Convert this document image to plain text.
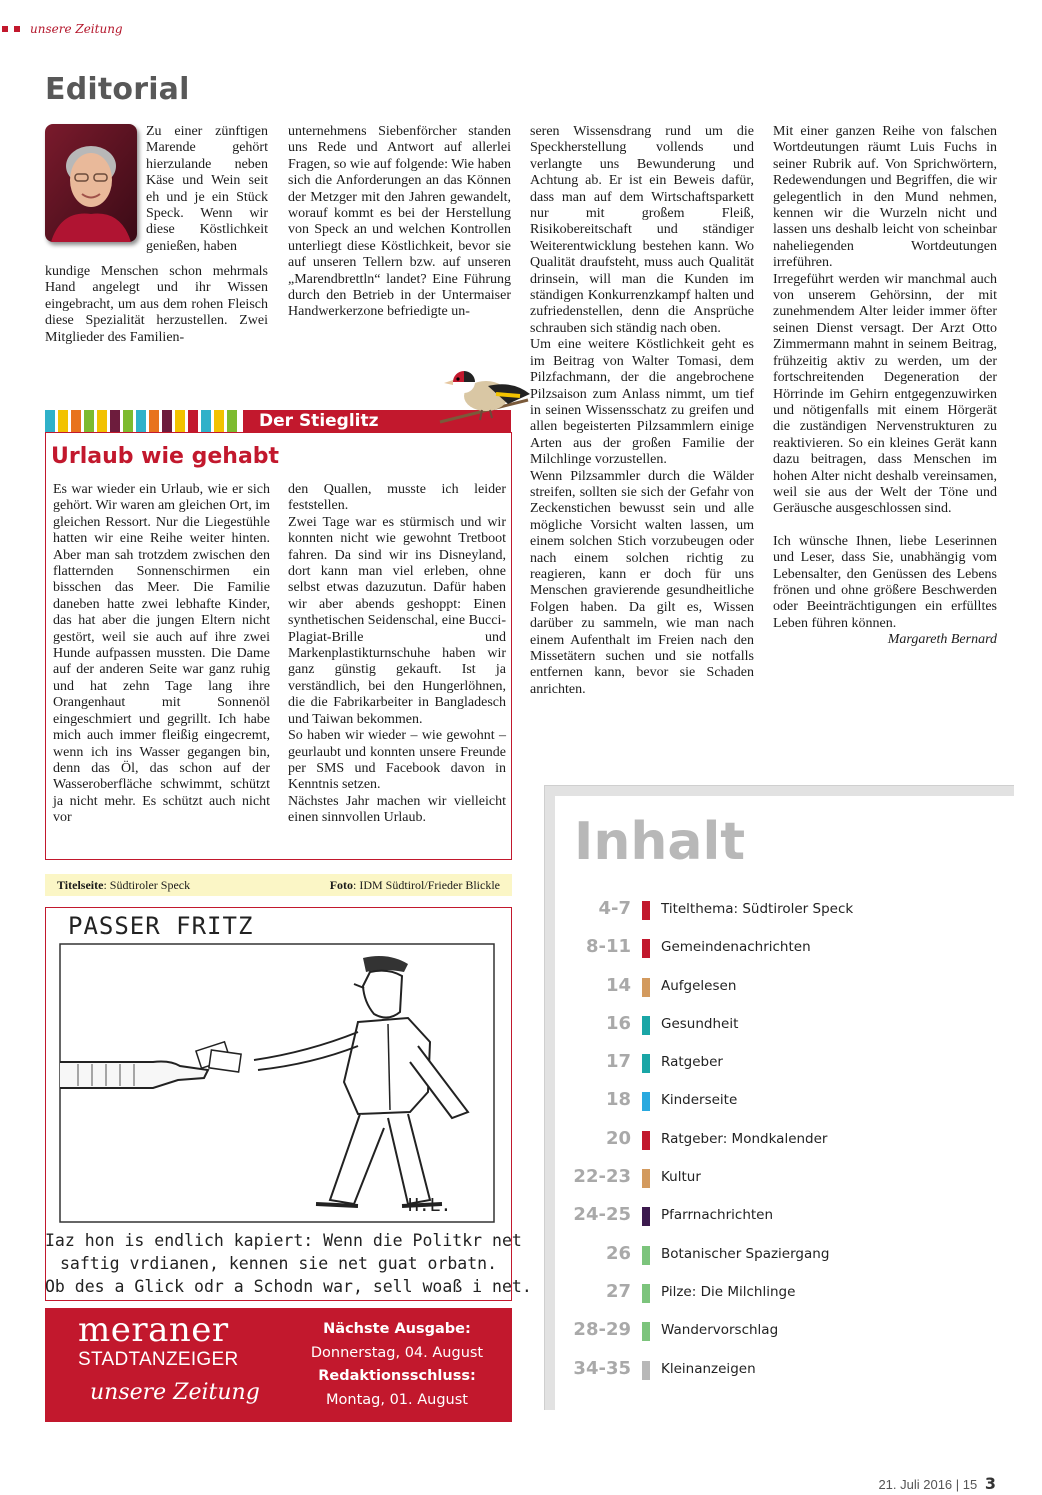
unsere Zeitung
Editorial

Zu einer zünftigen Marende gehört hierzulande neben Käse und Wein seit eh und je ein Stück Speck. Wenn wir diese Köstlichkeit genießen, haben

kundige Menschen schon mehrmals Hand angelegt und ihr Wissen eingebracht, um aus dem rohen Fleisch diese Spezialität herzustellen. Zwei Mitglieder des Familien-

unternehmens Siebenförcher standen uns Rede und Antwort auf allerlei Fragen, so wie auf folgende: Wie haben sich die Anforderungen an das Können der Metzger mit den Jahren gewandelt, worauf kommt es bei der Herstellung von Speck an und welchen Kontrollen unterliegt diese Köstlichkeit, bevor sie auf unseren Tellern bzw. auf unseren „Marendbrettln“ landet? Eine Führung durch den Betrieb in der Untermaiser Handwerkerzone befriedigte un-

seren Wissensdrang rund um die Speckherstellung vollends und verlangte uns Bewunderung und Achtung ab. Er ist ein Beweis dafür, dass man auf dem Wirtschaftsparkett nur mit großem Fleiß, Risikobereitschaft und ständiger Weiterentwicklung bestehen kann. Wo Qualität draufsteht, muss auch Qualität drinsein, will man die Kunden im ständigen Konkurrenzkampf halten und zufriedenstellen, denn die Ansprüche schrauben sich ständig nach oben.

Um eine weitere Köstlichkeit geht es im Beitrag von Walter Tomasi, dem Pilzfachmann, der die angebrochene Pilzsaison zum Anlass nimmt, um tief in seinen Wissensschatz zu greifen und allen begeisterten Pilzsammlern einige Arten aus der großen Familie der Milchlinge vorzustellen.

Wenn Pilzsammler durch die Wälder streifen, sollten sie sich der Gefahr von Zeckenstichen bewusst sein und alle mögliche Vorsicht walten lassen, um einem solchen Stich vorzubeugen oder nach einem solchen richtig zu reagieren, kann er doch für uns Menschen gravierende gesundheitliche Folgen haben. Da gilt es, Wissen darüber zu sammeln, wie man nach einem Aufenthalt im Freien nach den Missetätern suchen und sie notfalls entfernen kann, bevor sie Schaden anrichten.

Mit einer ganzen Reihe von falschen Wortdeutungen räumt Luis Fuchs in seiner Rubrik auf. Von Sprichwörtern, Redewendungen und Begriffen, die wir gelegentlich in den Mund nehmen, kennen wir die Wurzeln nicht und lassen uns deshalb leicht von scheinbar naheliegenden Wortdeutungen irreführen.

Irregeführt werden wir manchmal auch von unserem Gehörsinn, der mit zunehmendem Alter leider immer öfter seinen Dienst versagt. Der Arzt Otto Zimmermann mahnt in seinem Beitrag, frühzeitig aktiv zu werden, um der fortschreitenden Degeneration der Hörrinde im Gehirn entgegenzuwirken und nötigenfalls mit einem Hörgerät die zuständigen Nervenstrukturen zu reaktivieren. So ein kleines Gerät kann dazu beitragen, dass Menschen im hohen Alter nicht deshalb vereinsamen, weil sie aus der Welt der Töne und Geräusche ausgeschlossen sind.

Ich wünsche Ihnen, liebe Leserinnen und Leser, dass Sie, unabhängig vom Lebensalter, den Genüssen des Lebens frönen und ohne größere Beschwerden oder Beeinträchtigungen ein erfülltes Leben führen können.

Margareth Bernard

Der Stieglitz
Urlaub wie gehabt

Es war wieder ein Urlaub, wie er sich gehört. Wir waren am gleichen Ort, im gleichen Ressort. Nur die Liegestühle hatten wir eine Reihe weiter hinten. Aber man sah trotzdem zwischen den flatternden Sonnenschirmen ein bisschen das Meer. Die Familie daneben hatte zwei lebhafte Kinder, das hat aber die jungen Eltern nicht gestört, weil sie auch auf ihre zwei Hunde aufpassen mussten. Die Dame auf der anderen Seite war ganz ruhig und hat zehn Tage lang ihre Orangenhaut mit Sonnenöl eingeschmiert und gegrillt. Ich habe mich auch immer fleißig eingecremt, wenn ich ins Wasser gegangen bin, denn das Öl, das schon auf der Wasseroberfläche schwimmt, schützt ja nicht mehr. Es schützt auch nicht vor

den Quallen, musste ich leider feststellen.

Zwei Tage war es stürmisch und wir konnten nicht wie gewohnt Tretboot fahren. Da sind wir ins Disneyland, dort kann man viel erleben, ohne selbst etwas dazuzutun. Dafür haben wir aber abends geshoppt: Einen synthetischen Seidenschal, eine Bucci-Plagiat-Brille und Markenplastikturnschuhe haben wir ganz günstig gekauft. Ist ja verständlich, bei den Hungerlöhnen, die die Fabrikarbeiter in Bangladesch und Taiwan bekommen.

So haben wir wieder – wie gewohnt – geurlaubt und konnten unsere Freunde per SMS und Facebook davon in Kenntnis setzen.

Nächstes Jahr machen wir vielleicht einen sinnvollen Urlaub.

Titelseite: Südtiroler Speck	Foto: IDM Südtirol/Frieder Blickle
PASSER FRITZ
H.L.
Iaz hon is endlich kapiert: Wenn die Politkr net
saftig vrdianen, kennen sie net guat orbatn.
Ob des a Glick odr a Schodn war, sell woaß i net.
meraner
STADTANZEIGER
unsere Zeitung
Nächste Ausgabe:
Donnerstag, 04. August
Redaktionsschluss:
Montag, 01. August
Inhalt
4-7 Titelthema: Südtiroler Speck
8-11 Gemeindenachrichten
14 Aufgelesen
16 Gesundheit
17 Ratgeber
18 Kinderseite
20 Ratgeber: Mondkalender
22-23 Kultur
24-25 Pfarrnachrichten
26 Botanischer Spaziergang
27 Pilze: Die Milchlinge
28-29 Wandervorschlag
34-35 Kleinanzeigen
21. Juli 2016 | 15 3
